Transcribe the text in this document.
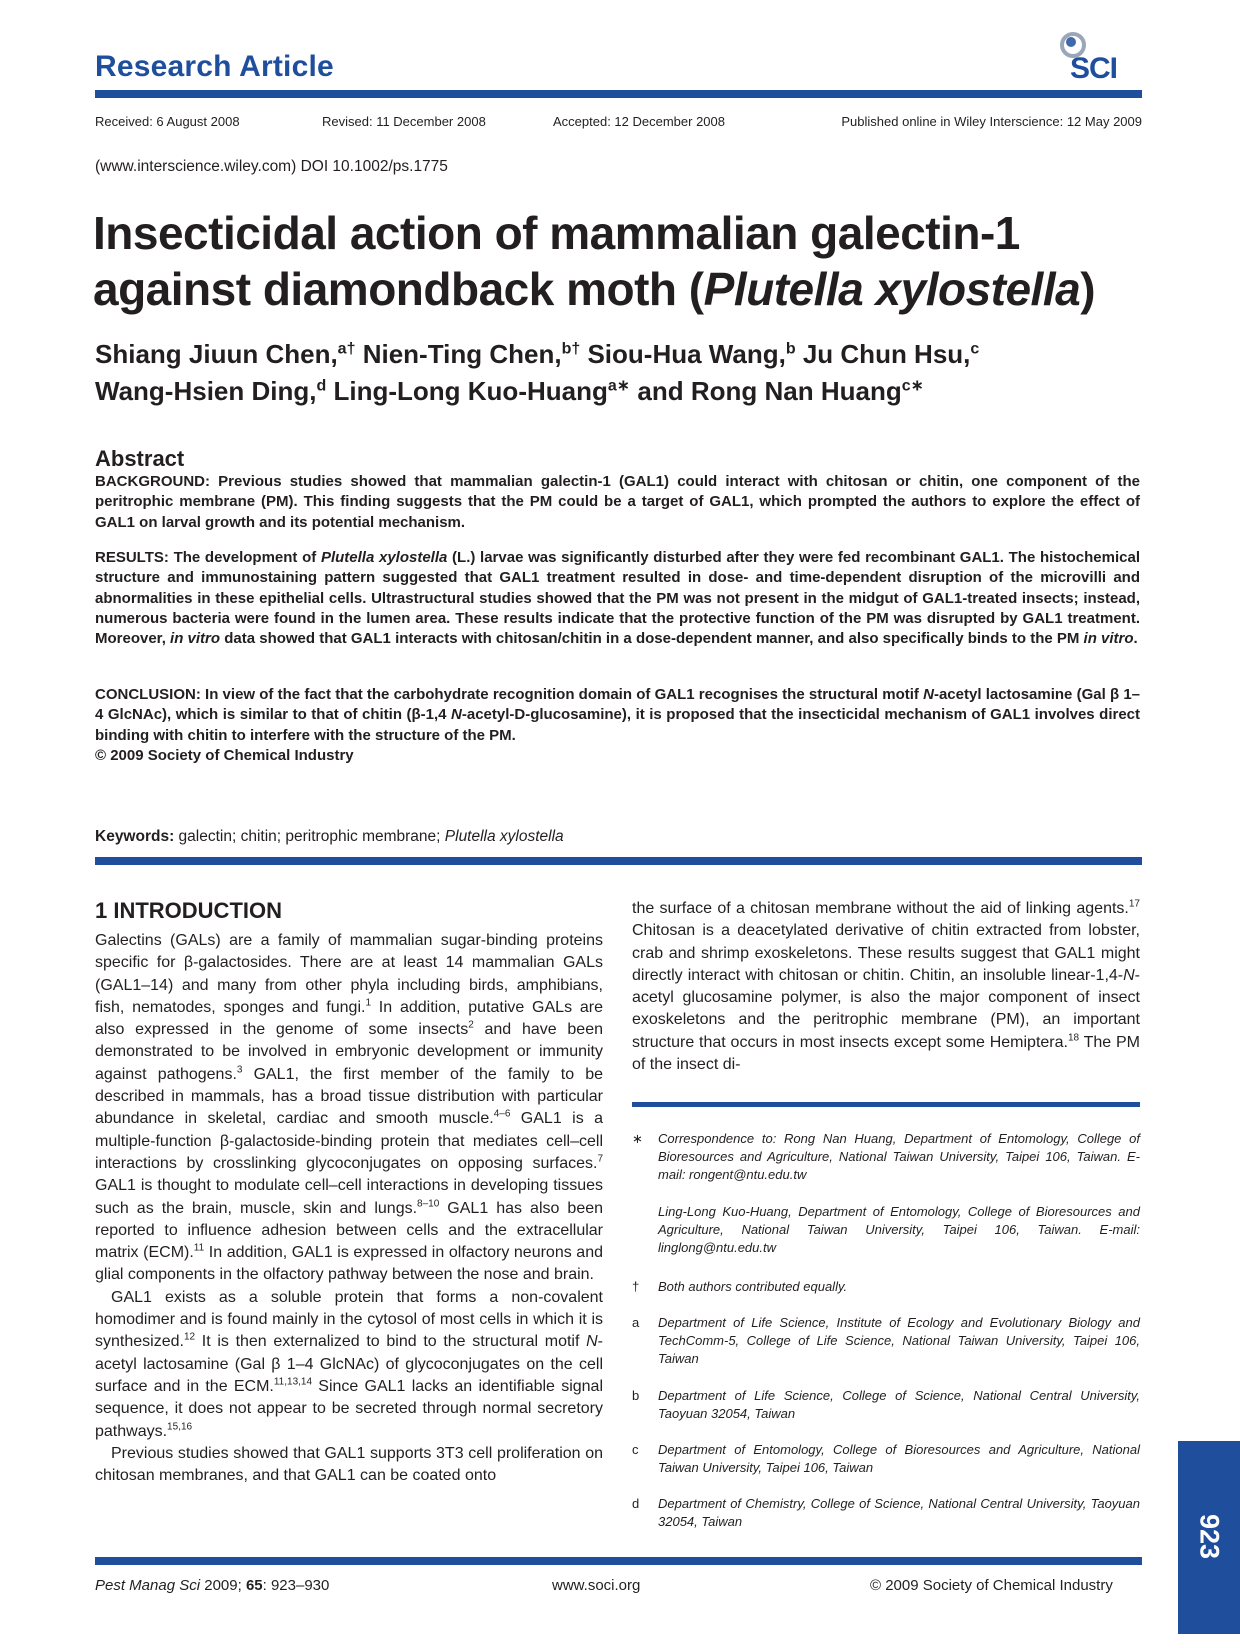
Research Article	SCI
Received: 6 August 2008	Revised: 11 December 2008	Accepted: 12 December 2008	Published online in Wiley Interscience: 12 May 2009
(www.interscience.wiley.com) DOI 10.1002/ps.1775
Insecticidal action of mammalian galectin-1
against diamondback moth (Plutella xylostella)
Shiang Jiuun Chen,$^{a\dagger}$ Nien-Ting Chen,$^{b\dagger}$ Siou-Hua Wang,$^b$ Ju Chun Hsu,$^c$
Wang-Hsien Ding,$^d$ Ling-Long Kuo-Huang$^{a∗}$ and Rong Nan Huang$^{c∗}$
Abstract
BACKGROUND: Previous studies showed that mammalian galectin-1 (GAL1) could interact with chitosan or chitin, one component of the peritrophic membrane (PM). This finding suggests that the PM could be a target of GAL1, which prompted the authors to explore the effect of GAL1 on larval growth and its potential mechanism.
RESULTS: The development of Plutella xylostella (L.) larvae was significantly disturbed after they were fed recombinant GAL1. The histochemical structure and immunostaining pattern suggested that GAL1 treatment resulted in dose- and time-dependent disruption of the microvilli and abnormalities in these epithelial cells. Ultrastructural studies showed that the PM was not present in the midgut of GAL1-treated insects; instead, numerous bacteria were found in the lumen area. These results indicate that the protective function of the PM was disrupted by GAL1 treatment. Moreover, in vitro data showed that GAL1 interacts with chitosan/chitin in a dose-dependent manner, and also specifically binds to the PM in vitro.
CONCLUSION: In view of the fact that the carbohydrate recognition domain of GAL1 recognises the structural motif N-acetyl lactosamine (Gal β 1–4 GlcNAc), which is similar to that of chitin (β-1,4 N-acetyl-D-glucosamine), it is proposed that the insecticidal mechanism of GAL1 involves direct binding with chitin to interfere with the structure of the PM.
© 2009 Society of Chemical Industry
Keywords: galectin; chitin; peritrophic membrane; Plutella xylostella
1 INTRODUCTION

Galectins (GALs) are a family of mammalian sugar-binding proteins specific for β-galactosides. There are at least 14 mammalian GALs (GAL1–14) and many from other phyla including birds, amphibians, fish, nematodes, sponges and fungi.$^1$ In addition, putative GALs are also expressed in the genome of some insects$^2$ and have been demonstrated to be involved in embryonic development or immunity against pathogens.$^3$ GAL1, the first member of the family to be described in mammals, has a broad tissue distribution with particular abundance in skeletal, cardiac and smooth muscle.$^{4-6}$ GAL1 is a multiple-function β-galactoside-binding protein that mediates cell–cell interactions by crosslinking glycoconjugates on opposing surfaces.$^7$ GAL1 is thought to modulate cell–cell interactions in developing tissues such as the brain, muscle, skin and lungs.$^{8-10}$ GAL1 has also been reported to influence adhesion between cells and the extracellular matrix (ECM).$^{11}$ In addition, GAL1 is expressed in olfactory neurons and glial components in the olfactory pathway between the nose and brain.

GAL1 exists as a soluble protein that forms a non-covalent homodimer and is found mainly in the cytosol of most cells in which it is synthesized.$^{12}$ It is then externalized to bind to the structural motif N-acetyl lactosamine (Gal β 1–4 GlcNAc) of glycoconjugates on the cell surface and in the ECM.$^{11,13,14}$ Since GAL1 lacks an identifiable signal sequence, it does not appear to be secreted through normal secretory pathways.$^{15,16}$

Previous studies showed that GAL1 supports 3T3 cell proliferation on chitosan membranes, and that GAL1 can be coated onto

the surface of a chitosan membrane without the aid of linking agents.$^{17}$ Chitosan is a deacetylated derivative of chitin extracted from lobster, crab and shrimp exoskeletons. These results suggest that GAL1 might directly interact with chitosan or chitin. Chitin, an insoluble linear-1,4-N-acetyl glucosamine polymer, is also the major component of insect exoskeletons and the peritrophic membrane (PM), an important structure that occurs in most insects except some Hemiptera.$^{18}$ The PM of the insect di-

∗ Correspondence to: Rong Nan Huang, Department of Entomology, College of Bioresources and Agriculture, National Taiwan University, Taipei 106, Taiwan. E-mail: rongent@ntu.edu.tw
Ling-Long Kuo-Huang, Department of Entomology, College of Bioresources and Agriculture, National Taiwan University, Taipei 106, Taiwan. E-mail: linglong@ntu.edu.tw
†	Both authors contributed equally.
a	Department of Life Science, Institute of Ecology and Evolutionary Biology and TechComm-5, College of Life Science, National Taiwan University, Taipei 106, Taiwan
b	Department of Life Science, College of Science, National Central University, Taoyuan 32054, Taiwan
c	Department of Entomology, College of Bioresources and Agriculture, National Taiwan University, Taipei 106, Taiwan
d	Department of Chemistry, College of Science, National Central University, Taoyuan 32054, Taiwan
Pest Manag Sci 2009; 65: 923–930	www.soci.org	© 2009 Society of Chemical Industry
923
